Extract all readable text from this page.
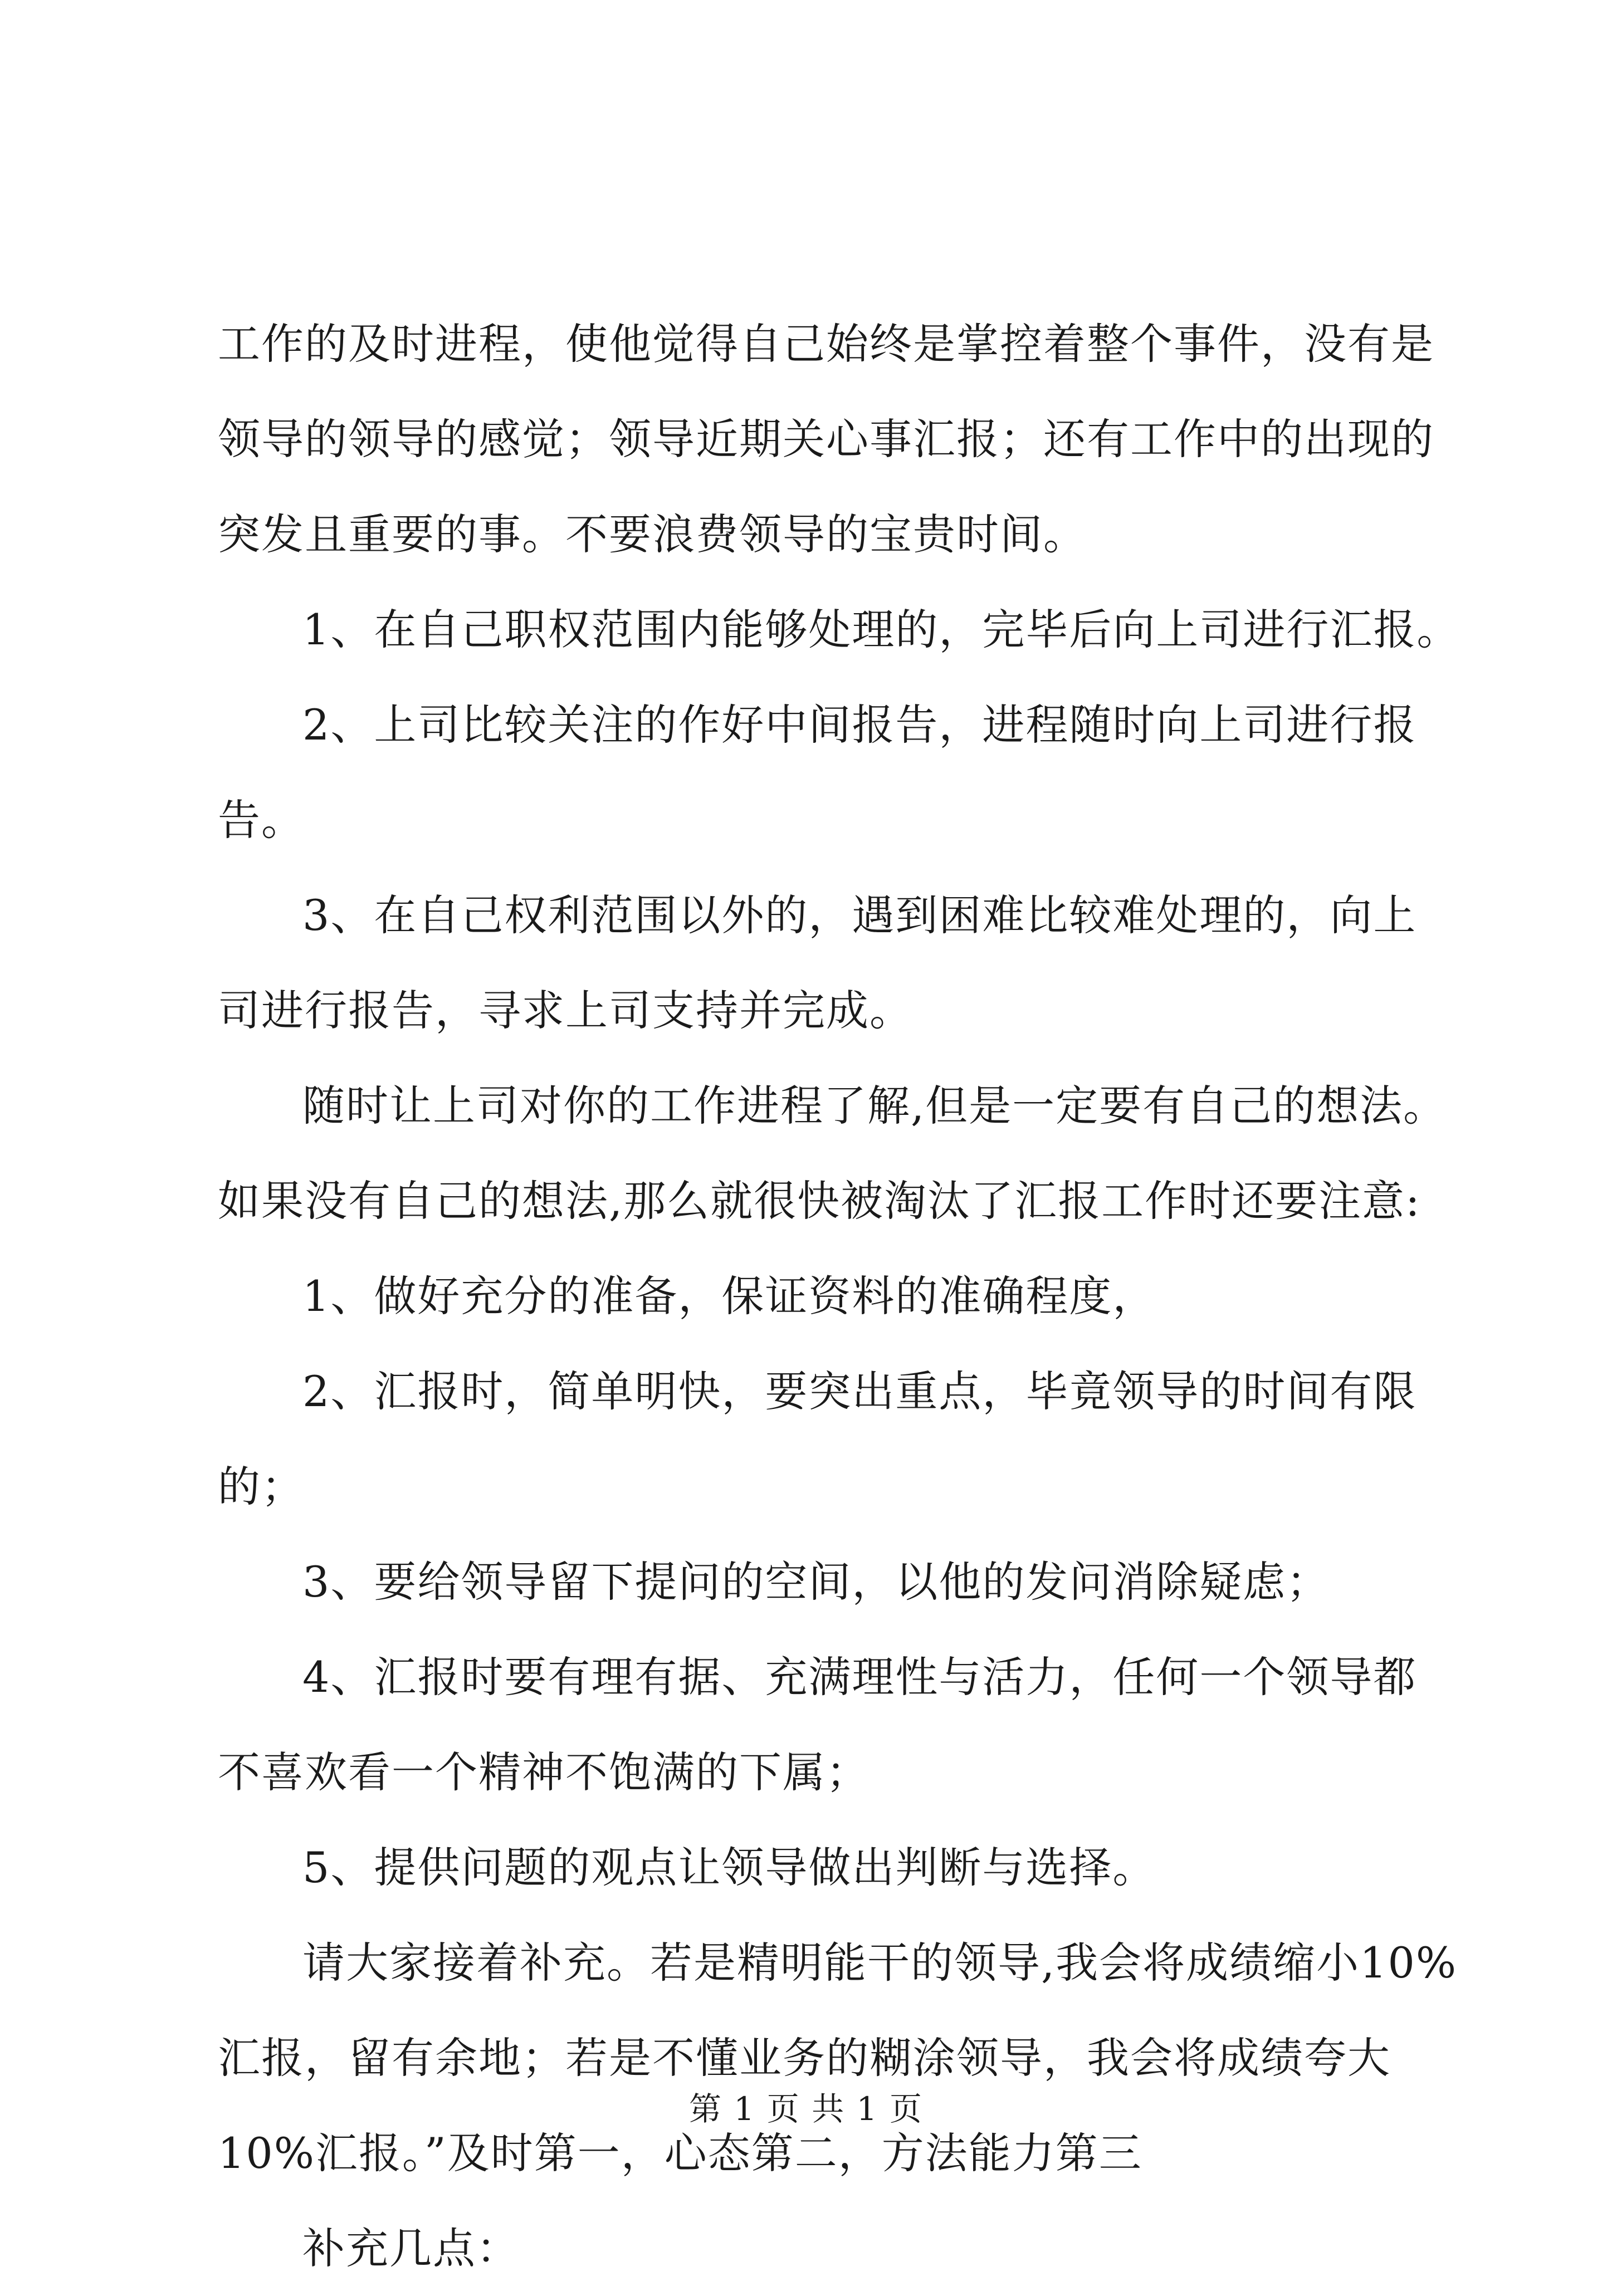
工作的及时进程，使他觉得自己始终是掌控着整个事件，没有是
领导的领导的感觉；领导近期关心事汇报；还有工作中的出现的
突发且重要的事。不要浪费领导的宝贵时间。
1、在自己职权范围内能够处理的，完毕后向上司进行汇报。
2、上司比较关注的作好中间报告，进程随时向上司进行报
告。
3、在自己权利范围以外的，遇到困难比较难处理的，向上
司进行报告，寻求上司支持并完成。
随时让上司对你的工作进程了解,但是一定要有自己的想法。
如果没有自己的想法,那么就很快被淘汰了汇报工作时还要注意:
1、做好充分的准备，保证资料的准确程度，
2、汇报时，简单明快，要突出重点，毕竟领导的时间有限
的；
3、要给领导留下提问的空间，以他的发问消除疑虑；
4、汇报时要有理有据、充满理性与活力，任何一个领导都
不喜欢看一个精神不饱满的下属；
5、提供问题的观点让领导做出判断与选择。
请大家接着补充。若是精明能干的领导,我会将成绩缩小10%
汇报，留有余地；若是不懂业务的糊涂领导，我会将成绩夸大
10%汇报。”及时第一，心态第二，方法能力第三
补充几点：
第 1 页 共 1 页
